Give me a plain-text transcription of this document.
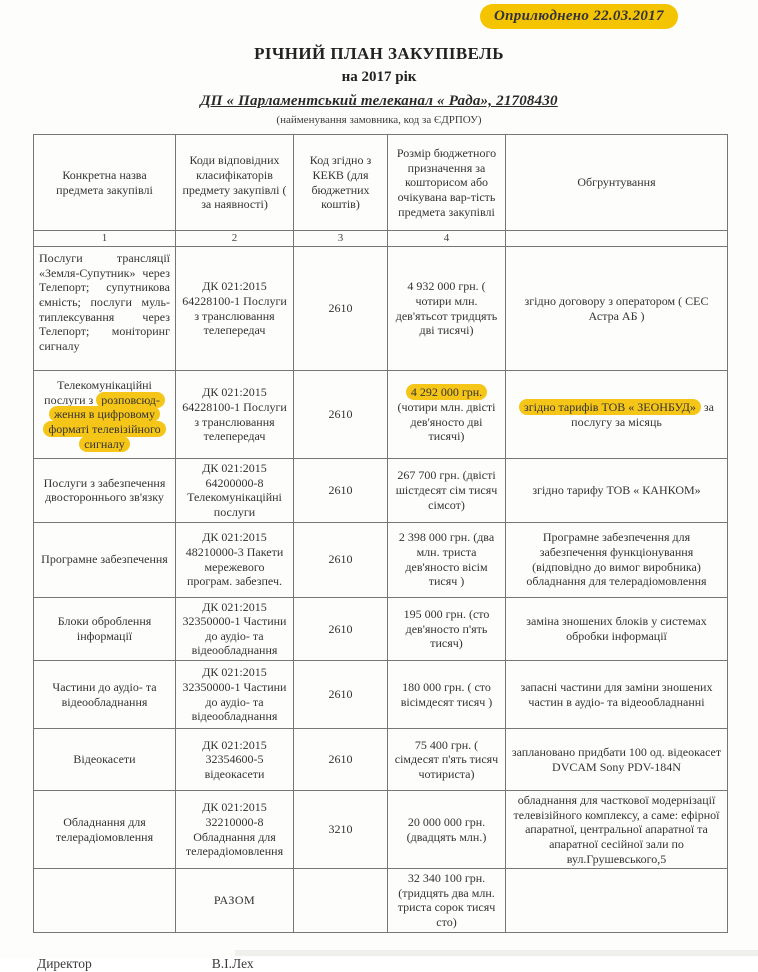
Оприлюднено 22.03.2017
РІЧНИЙ ПЛАН ЗАКУПІВЕЛЬ
на 2017 рік
ДП « Парламентський телеканал « Рада», 21708430
(найменування замовника, код за ЄДРПОУ)
Конкретна назва предмета закупівлі	Коди відповідних класифікаторів предмету закупівлі ( за наявності)	Код згідно з КЕКВ (для бюджетних коштів)	Розмір бюджетного призначення за кошторисом або очікувана вар-тість предмета закупівлі	Обгрунтування
1	2	3	4	
Послуги трансляції «Земля-Супутник» через Телепорт; супутникова ємність; послуги муль-типлексування через Телепорт; моніторинг сигналу	ДК 021:2015 64228100-1 Послуги з транслювання телепередач	2610	4 932 000 грн. ( чотири млн. дев'ятьсот тридцять дві тисячі)	згідно договору з оператором ( СЕС Астра АБ )
Телекомунікаційні послуги з розповсюд-ження в цифровому форматі телевізійного сигналу	ДК 021:2015 64228100-1 Послуги з транслювання телепередач	2610	4 292 000 грн. (чотири млн. двісті дев'яносто дві тисячі)	згідно тарифів ТОВ « ЗЕОНБУД» за послугу за місяць
Послуги з забезпечення двостороннього зв'язку	ДК 021:2015 64200000-8 Телекомунікаційні послуги	2610	267 700 грн. (двісті шістдесят сім тисяч сімсот)	згідно тарифу ТОВ « КАНКОМ»
Програмне забезпечення	ДК 021:2015 48210000-3 Пакети мережевого програм. забезпеч.	2610	2 398 000 грн. (два млн. триста дев'яносто вісім тисяч )	Програмне забезпечення для забезпечення функціонування (відповідно до вимог виробника) обладнання для телерадіомовлення
Блоки оброблення інформації	ДК 021:2015 32350000-1 Частини до аудіо- та відеообладнання	2610	195 000 грн. (сто дев'яносто п'ять тисяч)	заміна зношених блоків у системах обробки інформації
Частини до аудіо- та відеообладнання	ДК 021:2015 32350000-1 Частини до аудіо- та відеообладнання	2610	180 000 грн. ( сто вісімдесят тисяч )	запасні частини для заміни зношених частин в аудіо- та відеообладнанні
Відеокасети	ДК 021:2015 32354600-5 відеокасети	2610	75 400 грн. ( сімдесят п'ять тисяч чотириста)	заплановано придбати 100 од. відеокасет DVCAM Sony PDV-184N
Обладнання для телерадіомовлення	ДК 021:2015 32210000-8 Обладнання для телерадіомовлення	3210	20 000 000 грн. (двадцять млн.)	обладнання для часткової модернізації телевізійного комплексу, а саме: ефірної апаратної, центральної апаратної та апаратної сесійної зали по вул.Грушевського,5
	РАЗОМ		32 340 100 грн. (тридцять два млн. триста сорок тисяч сто)	
Директор	В.І.Лех
